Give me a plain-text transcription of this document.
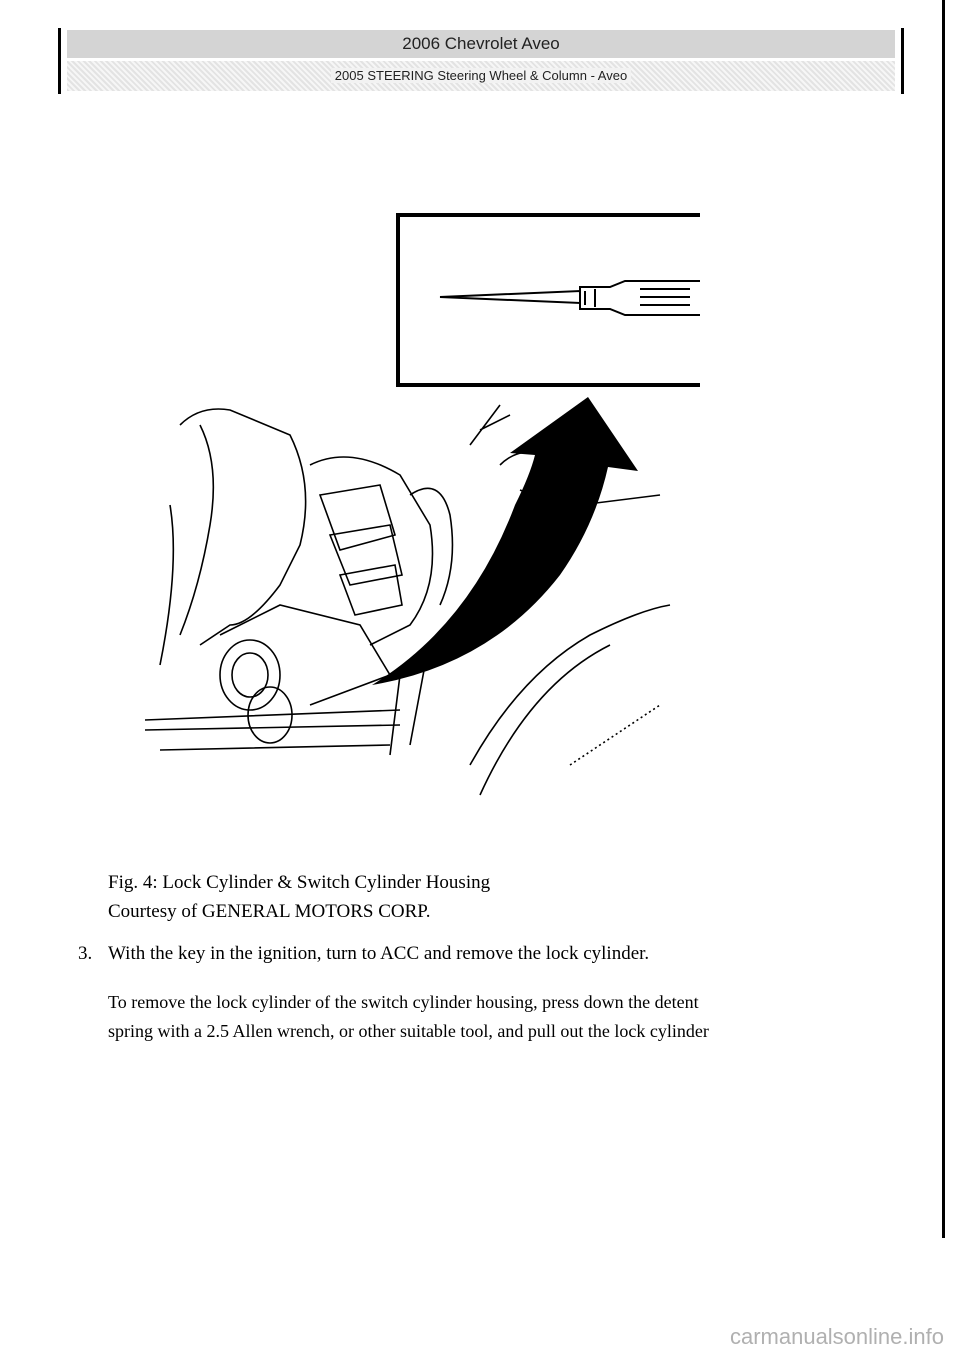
2006 Chevrolet Aveo
2005 STEERING Steering Wheel & Column - Aveo
Fig. 4: Lock Cylinder & Switch Cylinder Housing
Courtesy of GENERAL MOTORS CORP.
3. With the key in the ignition, turn to ACC and remove the lock cylinder.
To remove the lock cylinder of the switch cylinder housing, press down the detent
spring with a 2.5 Allen wrench, or other suitable tool, and pull out the lock cylinder
carmanualsonline.info
